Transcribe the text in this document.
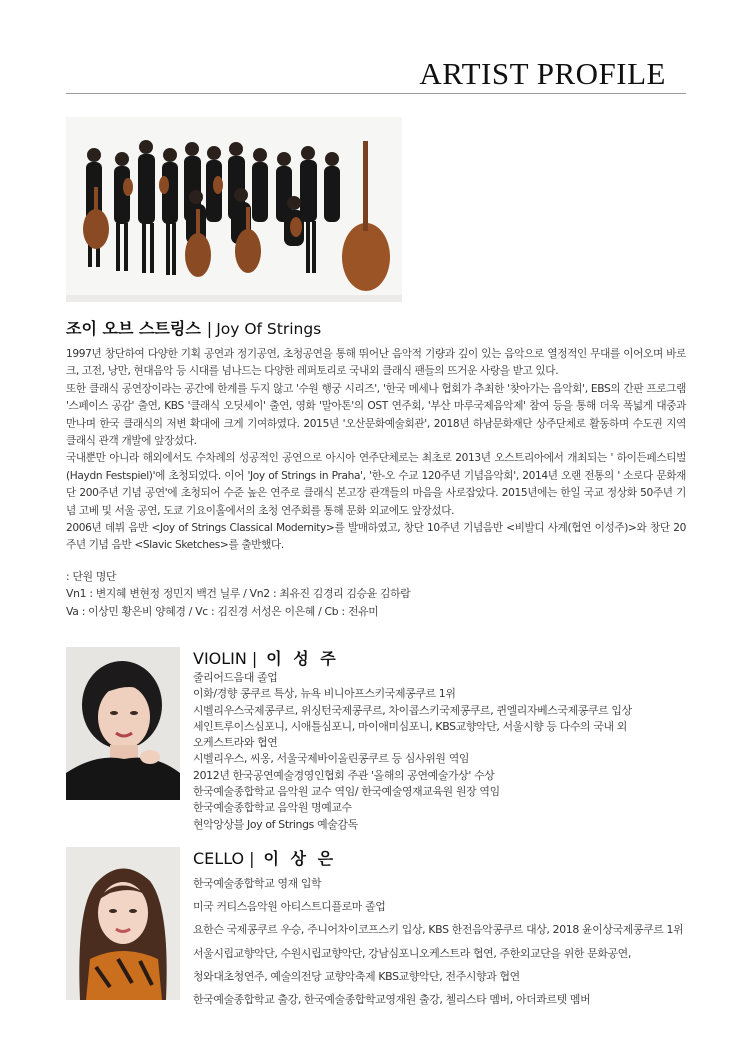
ARTIST PROFILE
조이 오브 스트링스 | Joy Of Strings

1997년 창단하여 다양한 기획 공연과 정기공연, 초청공연을 통해 뛰어난 음악적 기량과 깊이 있는 음악으로 열정적인 무대를 이어오며 바로크, 고전, 낭만, 현대음악 등 시대를 넘나드는 다양한 레퍼토리로 국내외 클래식 팬들의 뜨거운 사랑을 받고 있다.

또한 클래식 공연장이라는 공간에 한계를 두지 않고 '수원 행궁 시리즈', '한국 메세나 협회가 추최한 '찾아가는 음악회', EBS의 간판 프로그램 '스페이스 공감' 출연, KBS '클래식 오딧세이' 출연, 영화 '말아톤'의 OST 연주회, '부산 마루국제음악제' 참여 등을 통해 더욱 폭넓게 대중과 만나며 한국 클래식의 저변 확대에 크게 기여하였다. 2015년 '오산문화예술회관', 2018년 하남문화재단 상주단체로 활동하며 수도권 지역 클래식 관객 개발에 앞장섰다.

국내뿐만 아니라 해외에서도 수차례의 성공적인 공연으로 아시아 연주단체로는 최초로 2013년 오스트리아에서 개최되는 ' 하이든페스티벌(Haydn Festspiel)'에 초청되었다. 이어 'Joy of Strings in Praha', '한-오 수교 120주년 기념음악회', 2014년 오랜 전통의 ' 소로다 문화재단 200주년 기념 공연'에 초청되어 수준 높은 연주로 클래식 본고장 관객들의 마음을 사로잡았다. 2015년에는 한일 국교 정상화 50주년 기념 고베 및 서울 공연, 도쿄 기요이홀에서의 초청 연주회를 통해 문화 외교에도 앞장섰다.

2006년 데뷔 음반 <Joy of Strings Classical Modernity>를 발매하였고, 창단 10주년 기념음반 <비발디 사계(협연 이성주)>와 창단 20주년 기념 음반 <Slavic Sketches>를 출반했다.

: 단원 명단
Vn1 : 변지혜 변현정 정민지 백건 닐루 / Vn2 : 최유진 김경리 김승윤 김하람
Va : 이상민 황은비 양혜경 / Vc : 김진경 서성은 이은혜 / Cb : 전유미
VIOLIN | 이 성 주
줄리어드음대 졸업
이화/경향 콩쿠르 특상, 뉴욕 비니아프스키국제콩쿠르 1위
시벨리우스국제콩쿠르, 위싱턴국제콩쿠르, 차이콥스키국제콩쿠르, 퀸엘리자베스국제콩쿠르 입상
세인트루이스심포니, 시애틀심포니, 마이애미심포니, KBS교향악단, 서울시향 등 다수의 국내 외
오케스트라와 협연
시벨리우스, 씨옹, 서울국제바이올린콩쿠르 등 심사위원 역임
2012년 한국공연예술경영인협회 주관 '올해의 공연예술가상' 수상
한국예술종합학교 음악원 교수 역임/ 한국예술영재교육원 원장 역임
한국예술종합학교 음악원 명예교수
현악앙상블 Joy of Strings 예술감독
CELLO | 이 상 은
한국예술종합학교 영재 입학
미국 커티스음악원 아티스트디플로마 졸업
요한슨 국제콩쿠르 우승, 주니어차이코프스키 입상, KBS 한전음악콩쿠르 대상, 2018 윤이상국제콩쿠르 1위
서울시립교향악단, 수원시립교향악단, 강남심포니오케스트라 협연, 주한외교단을 위한 문화공연,
청와대초청연주, 예술의전당 교향악축제 KBS교향악단, 전주시향과 협연
한국예술종합학교 출강, 한국예술종합학교영재원 출강, 첼리스타 멤버, 아더콰르텟 멤버
